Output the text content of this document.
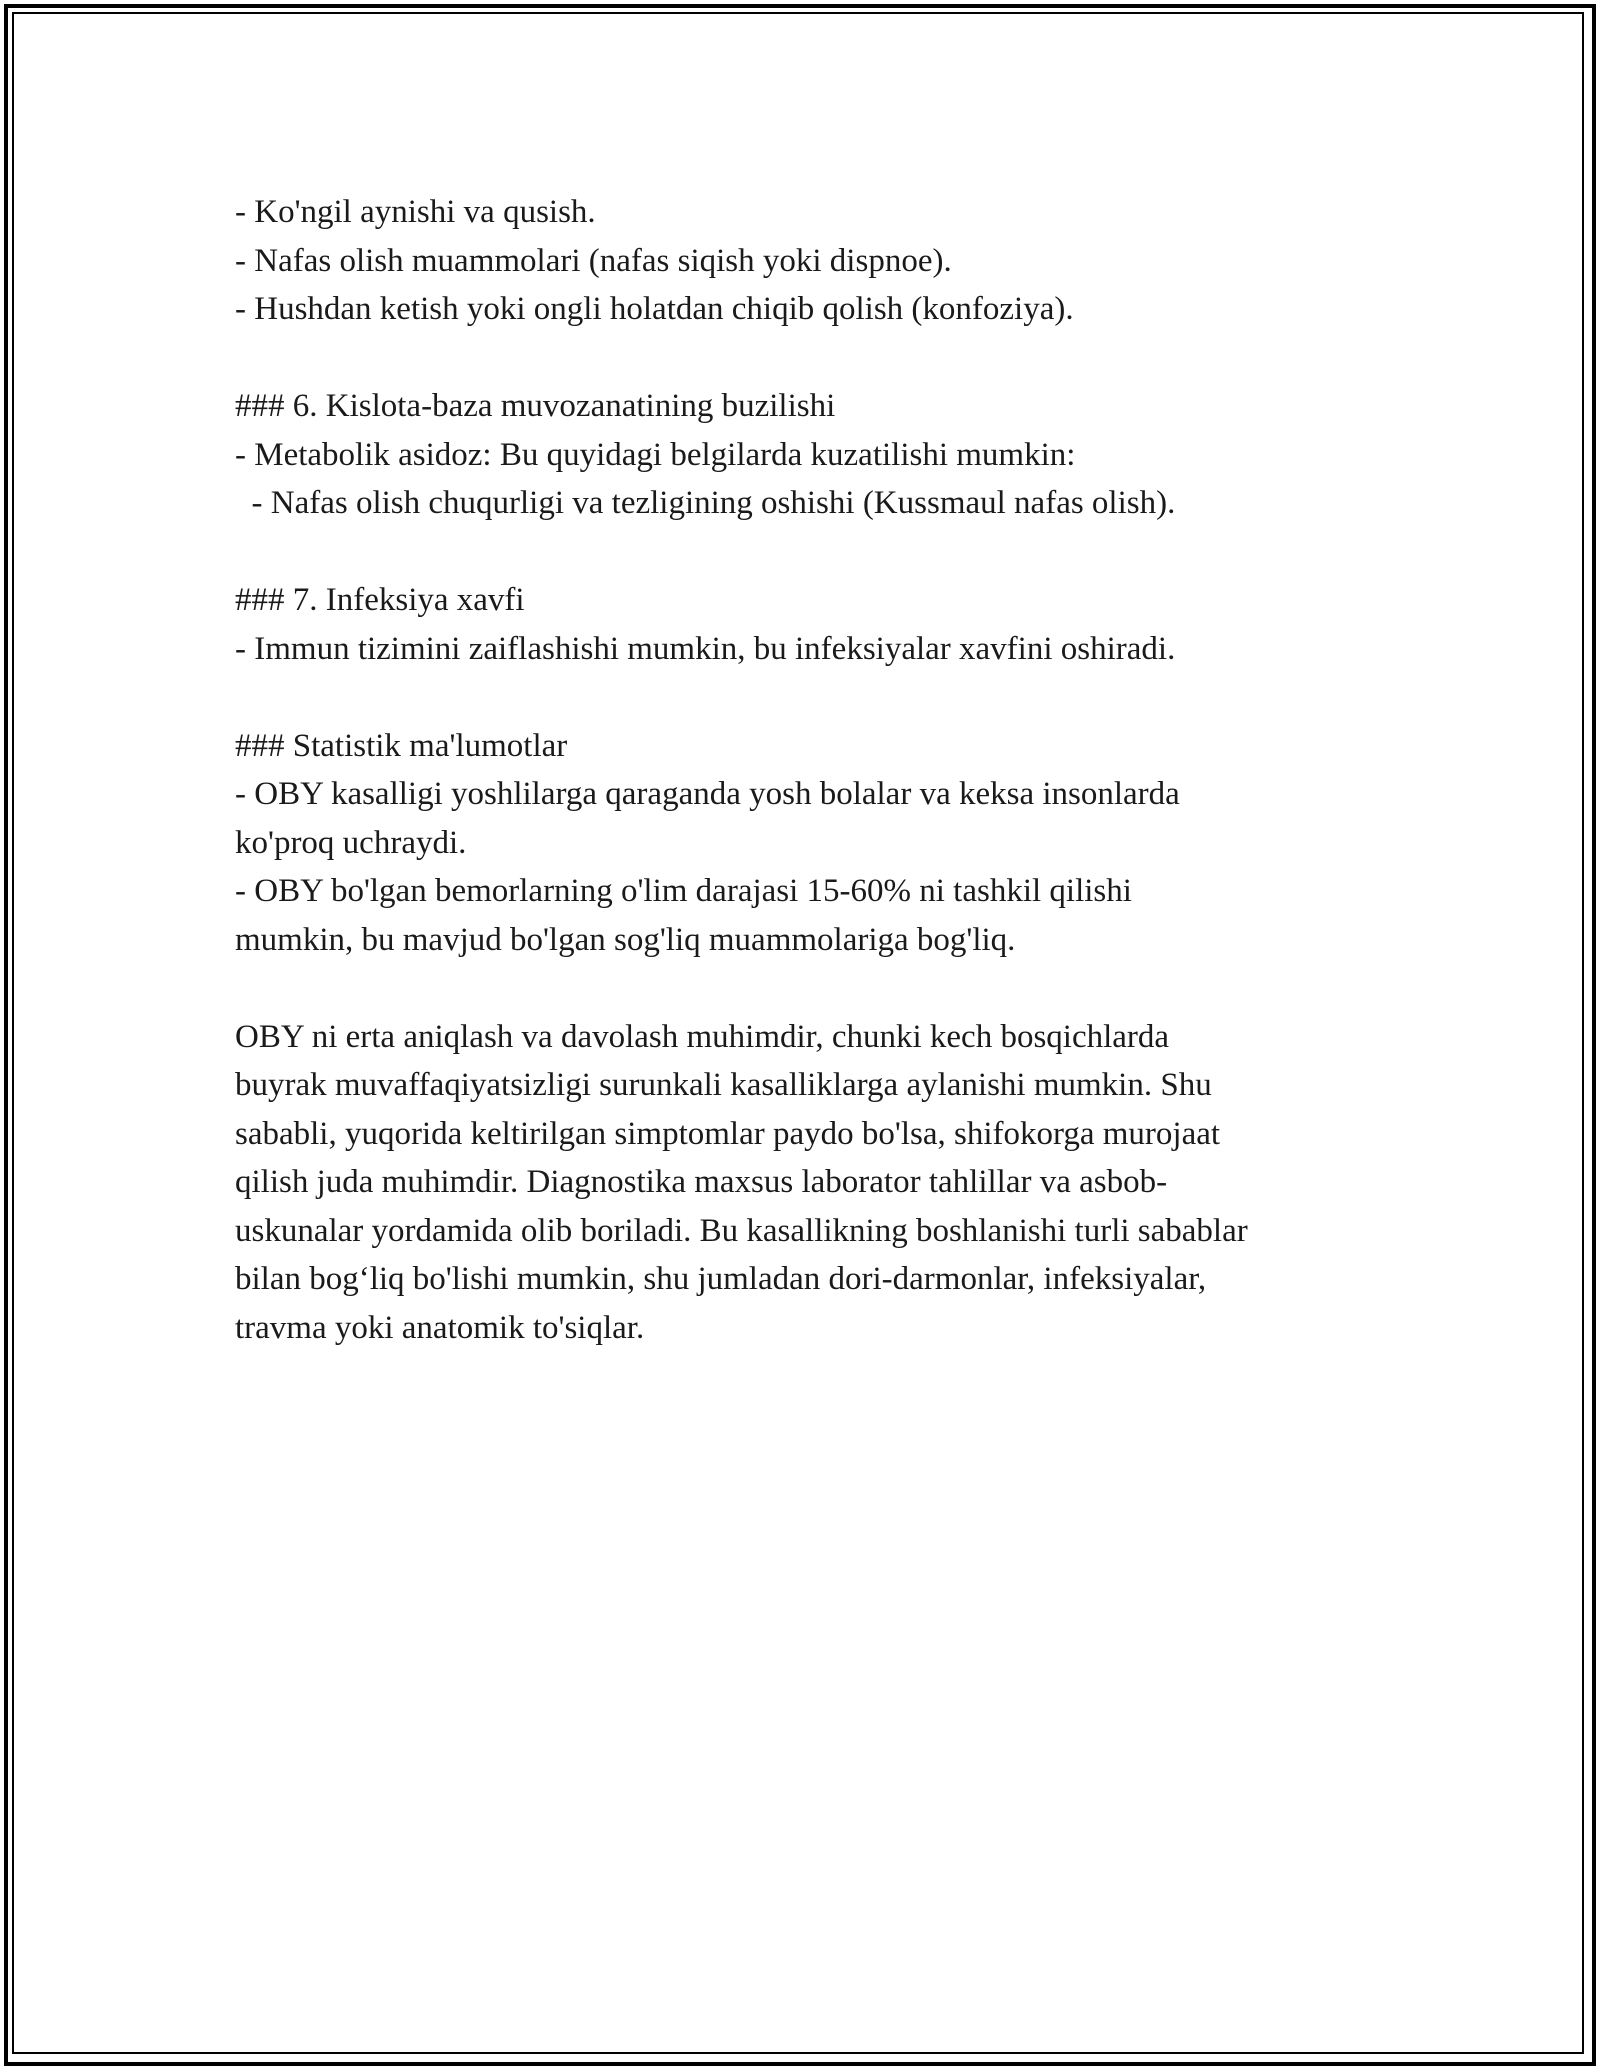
- Ko'ngil aynishi va qusish.

- Nafas olish muammolari (nafas siqish yoki dispnoe).

- Hushdan ketish yoki ongli holatdan chiqib qolish (konfoziya).

### 6. Kislota-baza muvozanatining buzilishi

- Metabolik asidoz: Bu quyidagi belgilarda kuzatilishi mumkin:

- Nafas olish chuqurligi va tezligining oshishi (Kussmaul nafas olish).

### 7. Infeksiya xavfi

- Immun tizimini zaiflashishi mumkin, bu infeksiyalar xavfini oshiradi.

### Statistik ma'lumotlar

- OBY kasalligi yoshlilarga qaraganda yosh bolalar va keksa insonlarda

ko'proq uchraydi.

- OBY bo'lgan bemorlarning o'lim darajasi 15-60% ni tashkil qilishi

mumkin, bu mavjud bo'lgan sog'liq muammolariga bog'liq.

OBY ni erta aniqlash va davolash muhimdir, chunki kech bosqichlarda

buyrak muvaffaqiyatsizligi surunkali kasalliklarga aylanishi mumkin. Shu

sababli, yuqorida keltirilgan simptomlar paydo bo'lsa, shifokorga murojaat

qilish juda muhimdir. Diagnostika maxsus laborator tahlillar va asbob-

uskunalar yordamida olib boriladi. Bu kasallikning boshlanishi turli sabablar

bilan bog‘liq bo'lishi mumkin, shu jumladan dori-darmonlar, infeksiyalar,

travma yoki anatomik to'siqlar.
